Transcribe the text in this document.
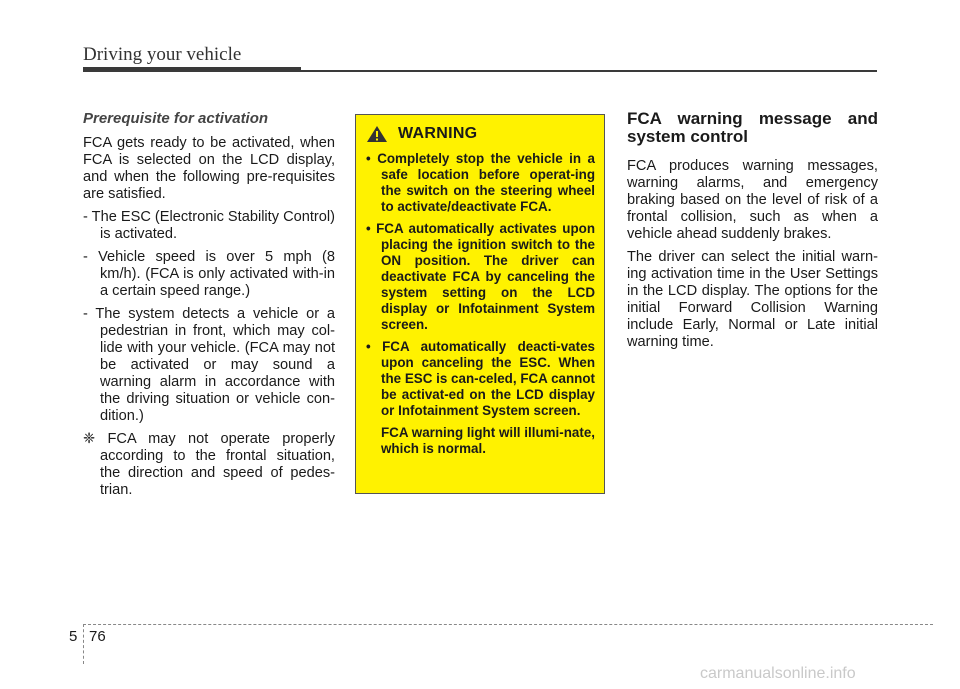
Driving your vehicle
Prerequisite for activation

FCA gets ready to be activated, when FCA is selected on the LCD display, and when the following pre-requisites are satisfied.

- The ESC (Electronic Stability Control) is activated.

- Vehicle speed is over 5 mph (8 km/h). (FCA is only activated with-in a certain speed range.)

- The system detects a vehicle or a pedestrian in front, which may col-lide with your vehicle. (FCA may not be activated or may sound a warning alarm in accordance with the driving situation or vehicle con-dition.)

❈ FCA may not operate properly according to the frontal situation, the direction and speed of pedes-trian.

WARNING
• Completely stop the vehicle in a safe location before operat-ing the switch on the steering wheel to activate/deactivate FCA.
• FCA automatically activates upon placing the ignition switch to the ON position. The driver can deactivate FCA by canceling the system setting on the LCD display or Infotainment System screen.
• FCA automatically deacti-vates upon canceling the ESC. When the ESC is can-celed, FCA cannot be activat-ed on the LCD display or Infotainment System screen.

FCA warning light will illumi-nate, which is normal.

FCA warning message and system control

FCA produces warning messages, warning alarms, and emergency braking based on the level of risk of a frontal collision, such as when a vehicle ahead suddenly brakes.

The driver can select the initial warn-ing activation time in the User Settings in the LCD display. The options for the initial Forward Collision Warning include Early, Normal or Late initial warning time.

5 76
carmanualsonline.info
